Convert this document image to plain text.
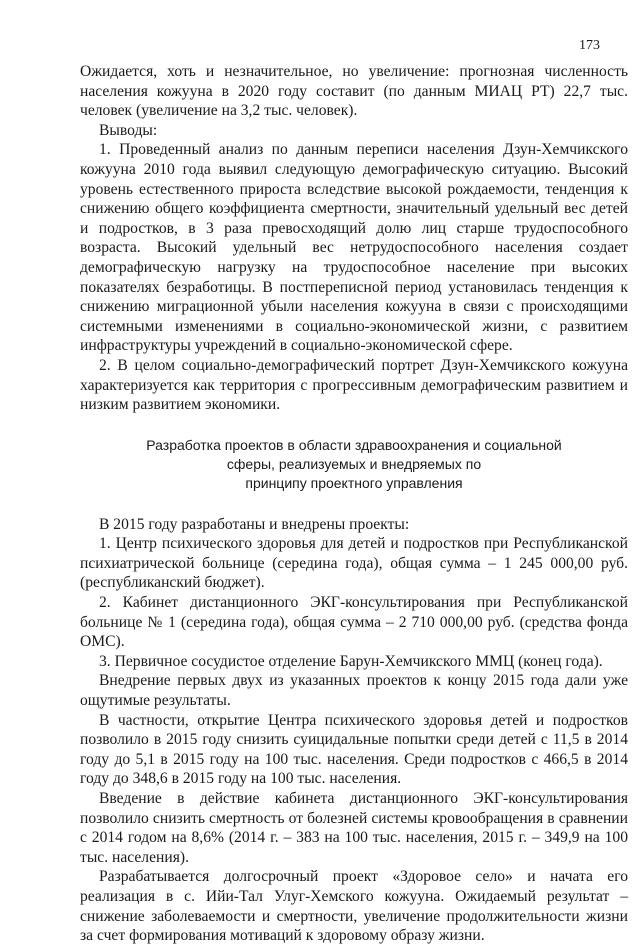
173

Ожидается, хоть и незначительное, но увеличение: прогнозная численность населения кожууна в 2020 году составит (по данным МИАЦ РТ) 22,7 тыс. человек (увеличение на 3,2 тыс. человек).

Выводы:

1. Проведенный анализ по данным переписи населения Дзун-Хемчикского кожууна 2010 года выявил следующую демографическую ситуацию. Высокий уровень естественного прироста вследствие высокой рождаемости, тенденция к снижению общего коэффициента смертности, значительный удельный вес детей и подростков, в 3 раза превосходящий долю лиц старше трудоспособного возраста. Высокий удельный вес нетрудоспособного населения создает демографическую нагрузку на трудоспособное население при высоких показателях безработицы. В постпереписной период установилась тенденция к снижению миграционной убыли населения кожууна в связи с происходящими системными изменениями в социально-экономической жизни, с развитием инфраструктуры учреждений в социально-экономической сфере.

2. В целом социально-демографический портрет Дзун-Хемчикского кожууна характеризуется как территория с прогрессивным демографическим развитием и низким развитием экономики.

Разработка проектов в области здравоохранения и социальной
сферы, реализуемых и внедряемых по
принципу проектного управления

В 2015 году разработаны и внедрены проекты:

1. Центр психического здоровья для детей и подростков при Республиканской психиатрической больнице (середина года), общая сумма – 1 245 000,00 руб. (республиканский бюджет).

2. Кабинет дистанционного ЭКГ-консультирования при Республиканской больнице № 1 (середина года), общая сумма – 2 710 000,00 руб. (средства фонда ОМС).

3. Первичное сосудистое отделение Барун-Хемчикского ММЦ (конец года).

Внедрение первых двух из указанных проектов к концу 2015 года дали уже ощутимые результаты.

В частности, открытие Центра психического здоровья детей и подростков позволило в 2015 году снизить суицидальные попытки среди детей с 11,5 в 2014 году до 5,1 в 2015 году на 100 тыс. населения. Среди подростков с 466,5 в 2014 году до 348,6 в 2015 году на 100 тыс. населения.

Введение в действие кабинета дистанционного ЭКГ-консультирования позволило снизить смертность от болезней системы кровообращения в сравнении с 2014 годом на 8,6% (2014 г. – 383 на 100 тыс. населения, 2015 г. – 349,9 на 100 тыс. населения).

Разрабатывается долгосрочный проект «Здоровое село» и начата его реализация в с. Ийи-Тал Улуг-Хемского кожууна. Ожидаемый результат – снижение заболеваемости и смертности, увеличение продолжительности жизни за счет формирования мотиваций к здоровому образу жизни.
